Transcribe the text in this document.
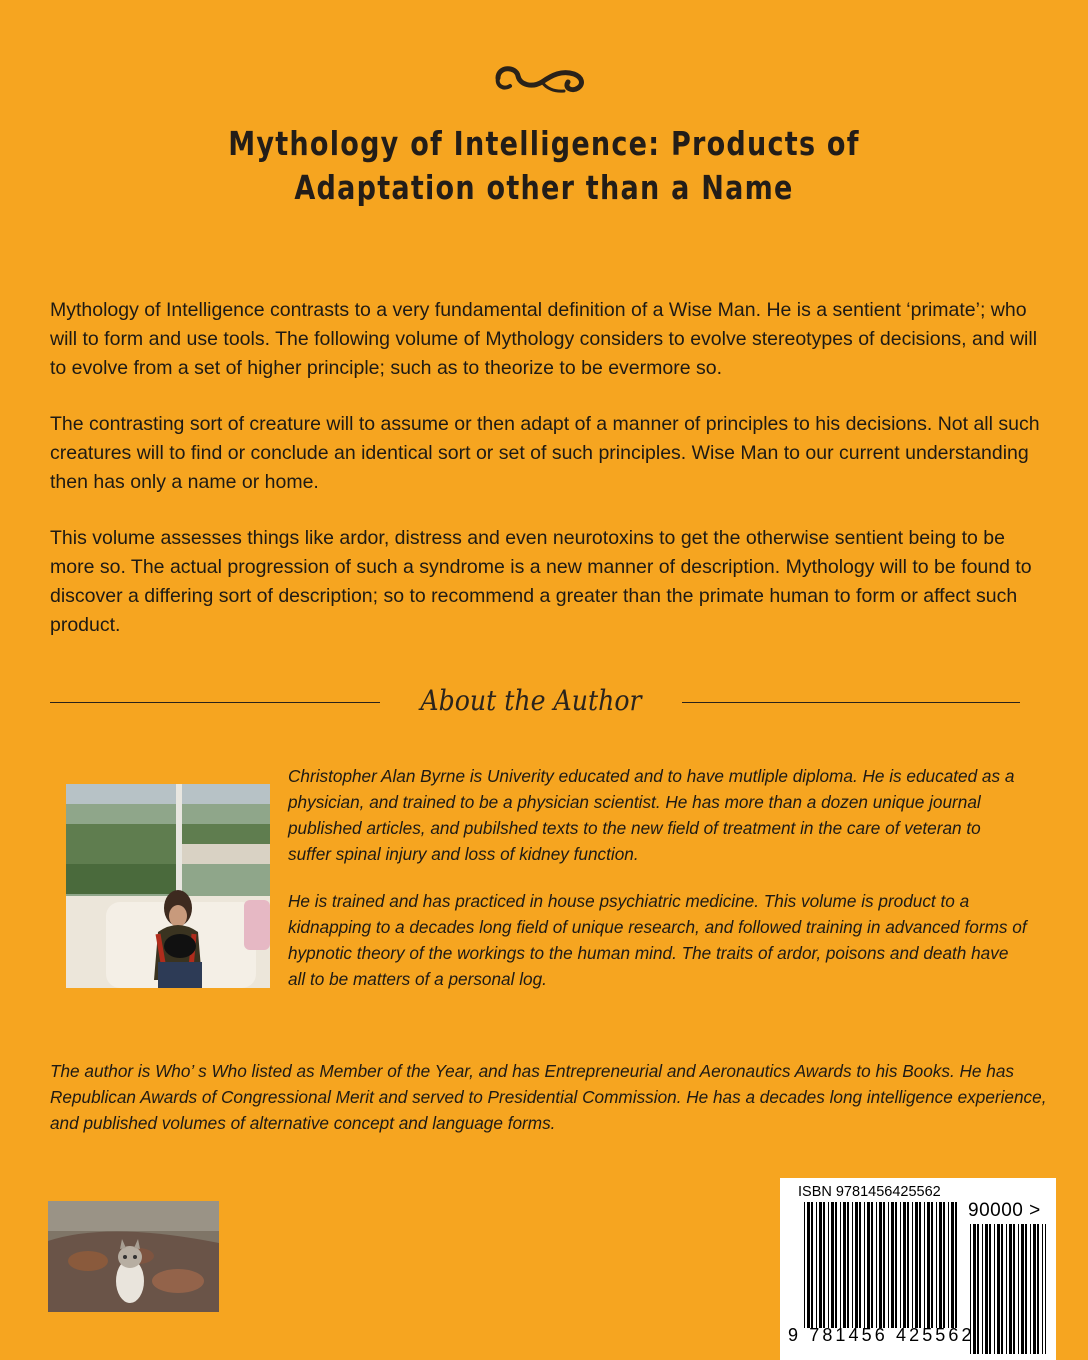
Mythology of Intelligence: Products of
Adaptation other than a Name

Mythology of Intelligence contrasts to a very fundamental definition of a Wise Man. He is a sentient ‘primate’; who will to form and use tools. The following volume of Mythology considers to evolve stereotypes of decisions, and will to evolve from a set of higher principle; such as to theorize to be evermore so.

The contrasting sort of creature will to assume or then adapt of a manner of principles to his decisions. Not all such creatures will to find or conclude an identical sort or set of such principles. Wise Man to our current understanding then has only a name or home.

This volume assesses things like ardor, distress and even neurotoxins to get the otherwise sentient being to be more so. The actual progression of such a syndrome is a new manner of description. Mythology will to be found to discover a differing sort of description; so to recommend a greater than the primate human to form or affect such product.

About the Author

Christopher Alan Byrne is Univerity educated and to have mutliple diploma. He is educated as a physician, and trained to be a physician scientist. He has more than a dozen unique journal published articles, and pubilshed texts to the new field of treatment in the care of veteran to suffer spinal injury and loss of kidney function.

He is trained and has practiced in house psychiatric medicine. This volume is product to a kidnapping to a decades long field of unique research, and followed training in advanced forms of hypnotic theory of the workings to the human mind. The traits of ardor, poisons and death have all to be matters of a personal log.

The author is Who’ s Who listed as Member of the Year, and has Entrepreneurial and Aeronautics Awards to his Books. He has Republican Awards of Congressional Merit and served to Presidential Commission. He has a decades long intelligence experience, and published volumes of alternative concept and language forms.

ISBN 9781456425562
90000 >
9 781456 425562
